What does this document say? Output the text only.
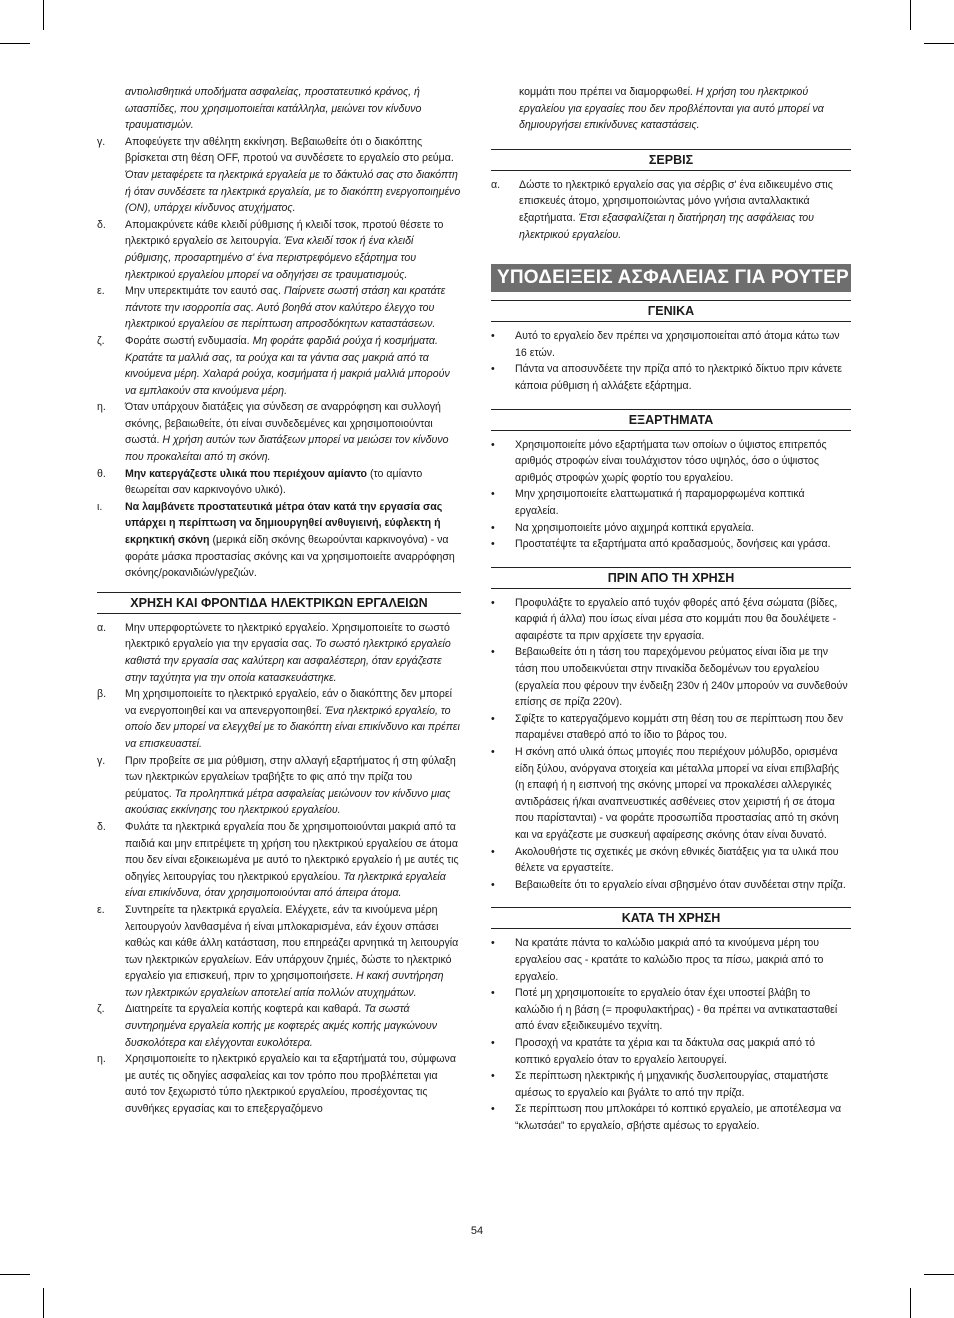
αντιολισθητικά υποδήματα ασφαλείας, προστατευτικό κράνος, ή ωτασπίδες, που χρησιμοποιείται κατάλληλα, μειώνει τον κίνδυνο τραυματισμών.

γ. Αποφεύγετε την αθέλητη εκκίνηση. Βεβαιωθείτε ότι ο διακόπτης βρίσκεται στη θέση OFF, προτού να συνδέσετε το εργαλείο στο ρεύμα. Όταν μεταφέρετε τα ηλεκτρικά εργαλεία με το δάκτυλό σας στο διακόπτη ή όταν συνδέσετε τα ηλεκτρικά εργαλεία, με το διακόπτη ενεργοποιημένο (ON), υπάρχει κίνδυνος ατυχήματος.

δ. Απομακρύνετε κάθε κλειδί ρύθμισης ή κλειδί τσοκ, προτού θέσετε το ηλεκτρικό εργαλείο σε λειτουργία. Ένα κλειδί τσοκ ή ένα κλειδί ρύθμισης, προσαρτημένο σ' ένα περιστρεφόμενο εξάρτημα του ηλεκτρικού εργαλείου μπορεί να οδηγήσει σε τραυματισμούς.

ε. Μην υπερεκτιμάτε τον εαυτό σας. Παίρνετε σωστή στάση και κρατάτε πάντοτε την ισορροπία σας. Αυτό βοηθά στον καλύτερο έλεγχο του ηλεκτρικού εργαλείου σε περίπτωση απροσδόκητων καταστάσεων.

ζ. Φοράτε σωστή ενδυμασία. Μη φοράτε φαρδιά ρούχα ή κοσμήματα. Κρατάτε τα μαλλιά σας, τα ρούχα και τα γάντια σας μακριά από τα κινούμενα μέρη. Χαλαρά ρούχα, κοσμήματα ή μακριά μαλλιά μπορούν να εμπλακούν στα κινούμενα μέρη.

η. Όταν υπάρχουν διατάξεις για σύνδεση σε αναρρόφηση και συλλογή σκόνης, βεβαιωθείτε, ότι είναι συνδεδεμένες και χρησιμοποιούνται σωστά. Η χρήση αυτών των διατάξεων μπορεί να μειώσει τον κίνδυνο που προκαλείται από τη σκόνη.

θ. Μην κατεργάζεστε υλικά που περιέχουν αμίαντο (το αμίαντο θεωρείται σαν καρκινογόνο υλικό).

ι. Να λαμβάνετε προστατευτικά μέτρα όταν κατά την εργασία σας υπάρχει η περίπτωση να δημιουργηθεί ανθυγιεινή, εύφλεκτη ή εκρηκτική σκόνη (μερικά είδη σκόνης θεωρούνται καρκινογόνα) - να φοράτε μάσκα προστασίας σκόνης και να χρησιμοποιείτε αναρρόφηση σκόνης/ροκανιδιών/γρεζιών.

ΧΡΗΣΗ ΚΑΙ ΦΡΟΝΤΙΔΑ ΗΛΕΚΤΡΙΚΩΝ ΕΡΓΑΛΕΙΩΝ

α. Μην υπερφορτώνετε το ηλεκτρικό εργαλείο. Χρησιμοποιείτε το σωστό ηλεκτρικό εργαλείο για την εργασία σας. Το σωστό ηλεκτρικό εργαλείο καθιστά την εργασία σας καλύτερη και ασφαλέστερη, όταν εργάζεστε στην ταχύτητα για την οποία κατασκευάστηκε.

β. Μη χρησιμοποιείτε το ηλεκτρικό εργαλείο, εάν ο διακόπτης δεν μπορεί να ενεργοποιηθεί και να απενεργοποιηθεί. Ένα ηλεκτρικό εργαλείο, το οποίο δεν μπορεί να ελεγχθεί με το διακόπτη είναι επικίνδυνο και πρέπει να επισκευαστεί.

γ. Πριν προβείτε σε μια ρύθμιση, στην αλλαγή εξαρτήματος ή στη φύλαξη των ηλεκτρικών εργαλείων τραβήξτε το φις από την πρίζα του ρεύματος. Τα προληπτικά μέτρα ασφαλείας μειώνουν τον κίνδυνο μιας ακούσιας εκκίνησης του ηλεκτρικού εργαλείου.

δ. Φυλάτε τα ηλεκτρικά εργαλεία που δε χρησιμοποιούνται μακριά από τα παιδιά και μην επιτρέψετε τη χρήση του ηλεκτρικού εργαλείου σε άτομα που δεν είναι εξοικειωμένα με αυτό το ηλεκτρικό εργαλείο ή με αυτές τις οδηγίες λειτουργίας του ηλεκτρικού εργαλείου. Τα ηλεκτρικά εργαλεία είναι επικίνδυνα, όταν χρησιμοποιούνται από άπειρα άτομα.

ε. Συντηρείτε τα ηλεκτρικά εργαλεία. Ελέγχετε, εάν τα κινούμενα μέρη λειτουργούν λανθασμένα ή είναι μπλοκαρισμένα, εάν έχουν σπάσει καθώς και κάθε άλλη κατάσταση, που επηρεάζει αρνητικά τη λειτουργία των ηλεκτρικών εργαλείων. Εάν υπάρχουν ζημιές, δώστε το ηλεκτρικό εργαλείο για επισκευή, πριν το χρησιμοποιήσετε. Η κακή συντήρηση των ηλεκτρικών εργαλείων αποτελεί αιτία πολλών ατυχημάτων.

ζ. Διατηρείτε τα εργαλεία κοπής κοφτερά και καθαρά. Τα σωστά συντηρημένα εργαλεία κοπής με κοφτερές ακμές κοπής μαγκώνουν δυσκολότερα και ελέγχονται ευκολότερα.

η. Χρησιμοποιείτε το ηλεκτρικό εργαλείο και τα εξαρτήματά του, σύμφωνα με αυτές τις οδηγίες ασφαλείας και τον τρόπο που προβλέπεται για αυτό τον ξεχωριστό τύπο ηλεκτρικού εργαλείου, προσέχοντας τις συνθήκες εργασίας και το επεξεργαζόμενο

κομμάτι που πρέπει να διαμορφωθεί. Η χρήση του ηλεκτρικού εργαλείου για εργασίες που δεν προβλέπονται για αυτό μπορεί να δημιουργήσει επικίνδυνες καταστάσεις.

ΣΕΡΒΙΣ

α. Δώστε το ηλεκτρικό εργαλείο σας για σέρβις σ' ένα ειδικευμένο στις επισκευές άτομο, χρησιμοποιώντας μόνο γνήσια ανταλλακτικά εξαρτήματα. Έτσι εξασφαλίζεται η διατήρηση της ασφάλειας του ηλεκτρικού εργαλείου.

ΥΠΟΔΕΙΞΕΙΣ ΑΣΦΑΛΕΙΑΣ ΓΙΑ ΡΟΥΤΕΡ
ΓΕΝΙΚΑ

• Αυτό το εργαλείο δεν πρέπει να χρησιμοποιείται από άτομα κάτω των 16 ετών.

• Πάντα να αποσυνδέετε την πρίζα από το ηλεκτρικό δίκτυο πριν κάνετε κάποια ρύθμιση ή αλλάξετε εξάρτημα.

ΕΞΑΡΤΗΜΑΤΑ

• Χρησιμοποιείτε μόνο εξαρτήματα των οποίων ο ύψιστος επιτρεπός αριθμός στροφών είναι τουλάχιστον τόσο υψηλός, όσο ο ύψιστος αριθμός στροφών χωρίς φορτίο του εργαλείου.

• Μην χρησιμοποιείτε ελαττωματικά ή παραμορφωμένα κοπτικά εργαλεία.

• Να χρησιμοποιείτε μόνο αιχμηρά κοπτικά εργαλεία.

• Προστατέψτε τα εξαρτήματα από κραδασμούς, δονήσεις και γράσα.

ΠΡΙΝ ΑΠΟ ΤΗ ΧΡΗΣΗ

• Προφυλάξτε το εργαλείο από τυχόν φθορές από ξένα σώματα (βίδες, καρφιά ή άλλα) που ίσως είναι μέσα στο κομμάτι που θα δουλέψετε - αφαιρέστε τα πριν αρχίσετε την εργασία.

• Βεβαιωθείτε ότι η τάση του παρεχόμενου ρεύματος είναι ίδια με την τάση που υποδεικνύεται στην πινακίδα δεδομένων του εργαλείου (εργαλεία που φέρουν την ένδειξη 230v ή 240v μπορούν να συνδεθούν επίσης σε πρίζα 220v).

• Σφίξτε το κατεργαζόμενο κομμάτι στη θέση του σε περίπτωση που δεν παραμένει σταθερό από το ίδιο το βάρος του.

• Η σκόνη από υλικά όπως μπογιές που περιέχουν μόλυβδο, ορισμένα είδη ξύλου, ανόργανα στοιχεία και μέταλλα μπορεί να είναι επιβλαβής (η επαφή ή η εισπνοή της σκόνης μπορεί να προκαλέσει αλλεργικές αντιδράσεις ή/και αναπνευστικές ασθένειες στον χειριστή ή σε άτομα που παρίστανται) - να φοράτε προσωπίδα προστασίας από τη σκόνη και να εργάζεστε με συσκευή αφαίρεσης σκόνης όταν είναι δυνατό.

• Ακολουθήστε τις σχετικές με σκόνη εθνικές διατάξεις για τα υλικά που θέλετε να εργαστείτε.

• Βεβαιωθείτε ότι το εργαλείο είναι σβησμένο όταν συνδέεται στην πρίζα.

ΚΑΤΑ ΤΗ ΧΡΗΣΗ

• Να κρατάτε πάντα το καλώδιο μακριά από τα κινούμενα μέρη του εργαλείου σας - κρατάτε το καλώδιο προς τα πίσω, μακριά από το εργαλείο.

• Ποτέ μη χρησιμοποιείτε το εργαλείο όταν έχει υποστεί βλάβη το καλώδιο ή η βάση (= προφυλακτήρας) - θα πρέπει να αντικατασταθεί από έναν εξειδικευμένο τεχνίτη.

• Προσοχή να κρατάτε τα χέρια και τα δάκτυλα σας μακριά από τό κοπτικό εργαλείο όταν το εργαλείο λειτουργεί.

• Σε περίπτωση ηλεκτρικής ή μηχανικής δυσλειτουργίας, σταματήστε αμέσως το εργαλείο και βγάλτε το από την πρίζα.

• Σε περίπτωση που μπλοκάρει τό κοπτικό εργαλείο, με αποτέλεσμα να “κλωτσάει” το εργαλείο, σβήστε αμέσως το εργαλείο.

54
